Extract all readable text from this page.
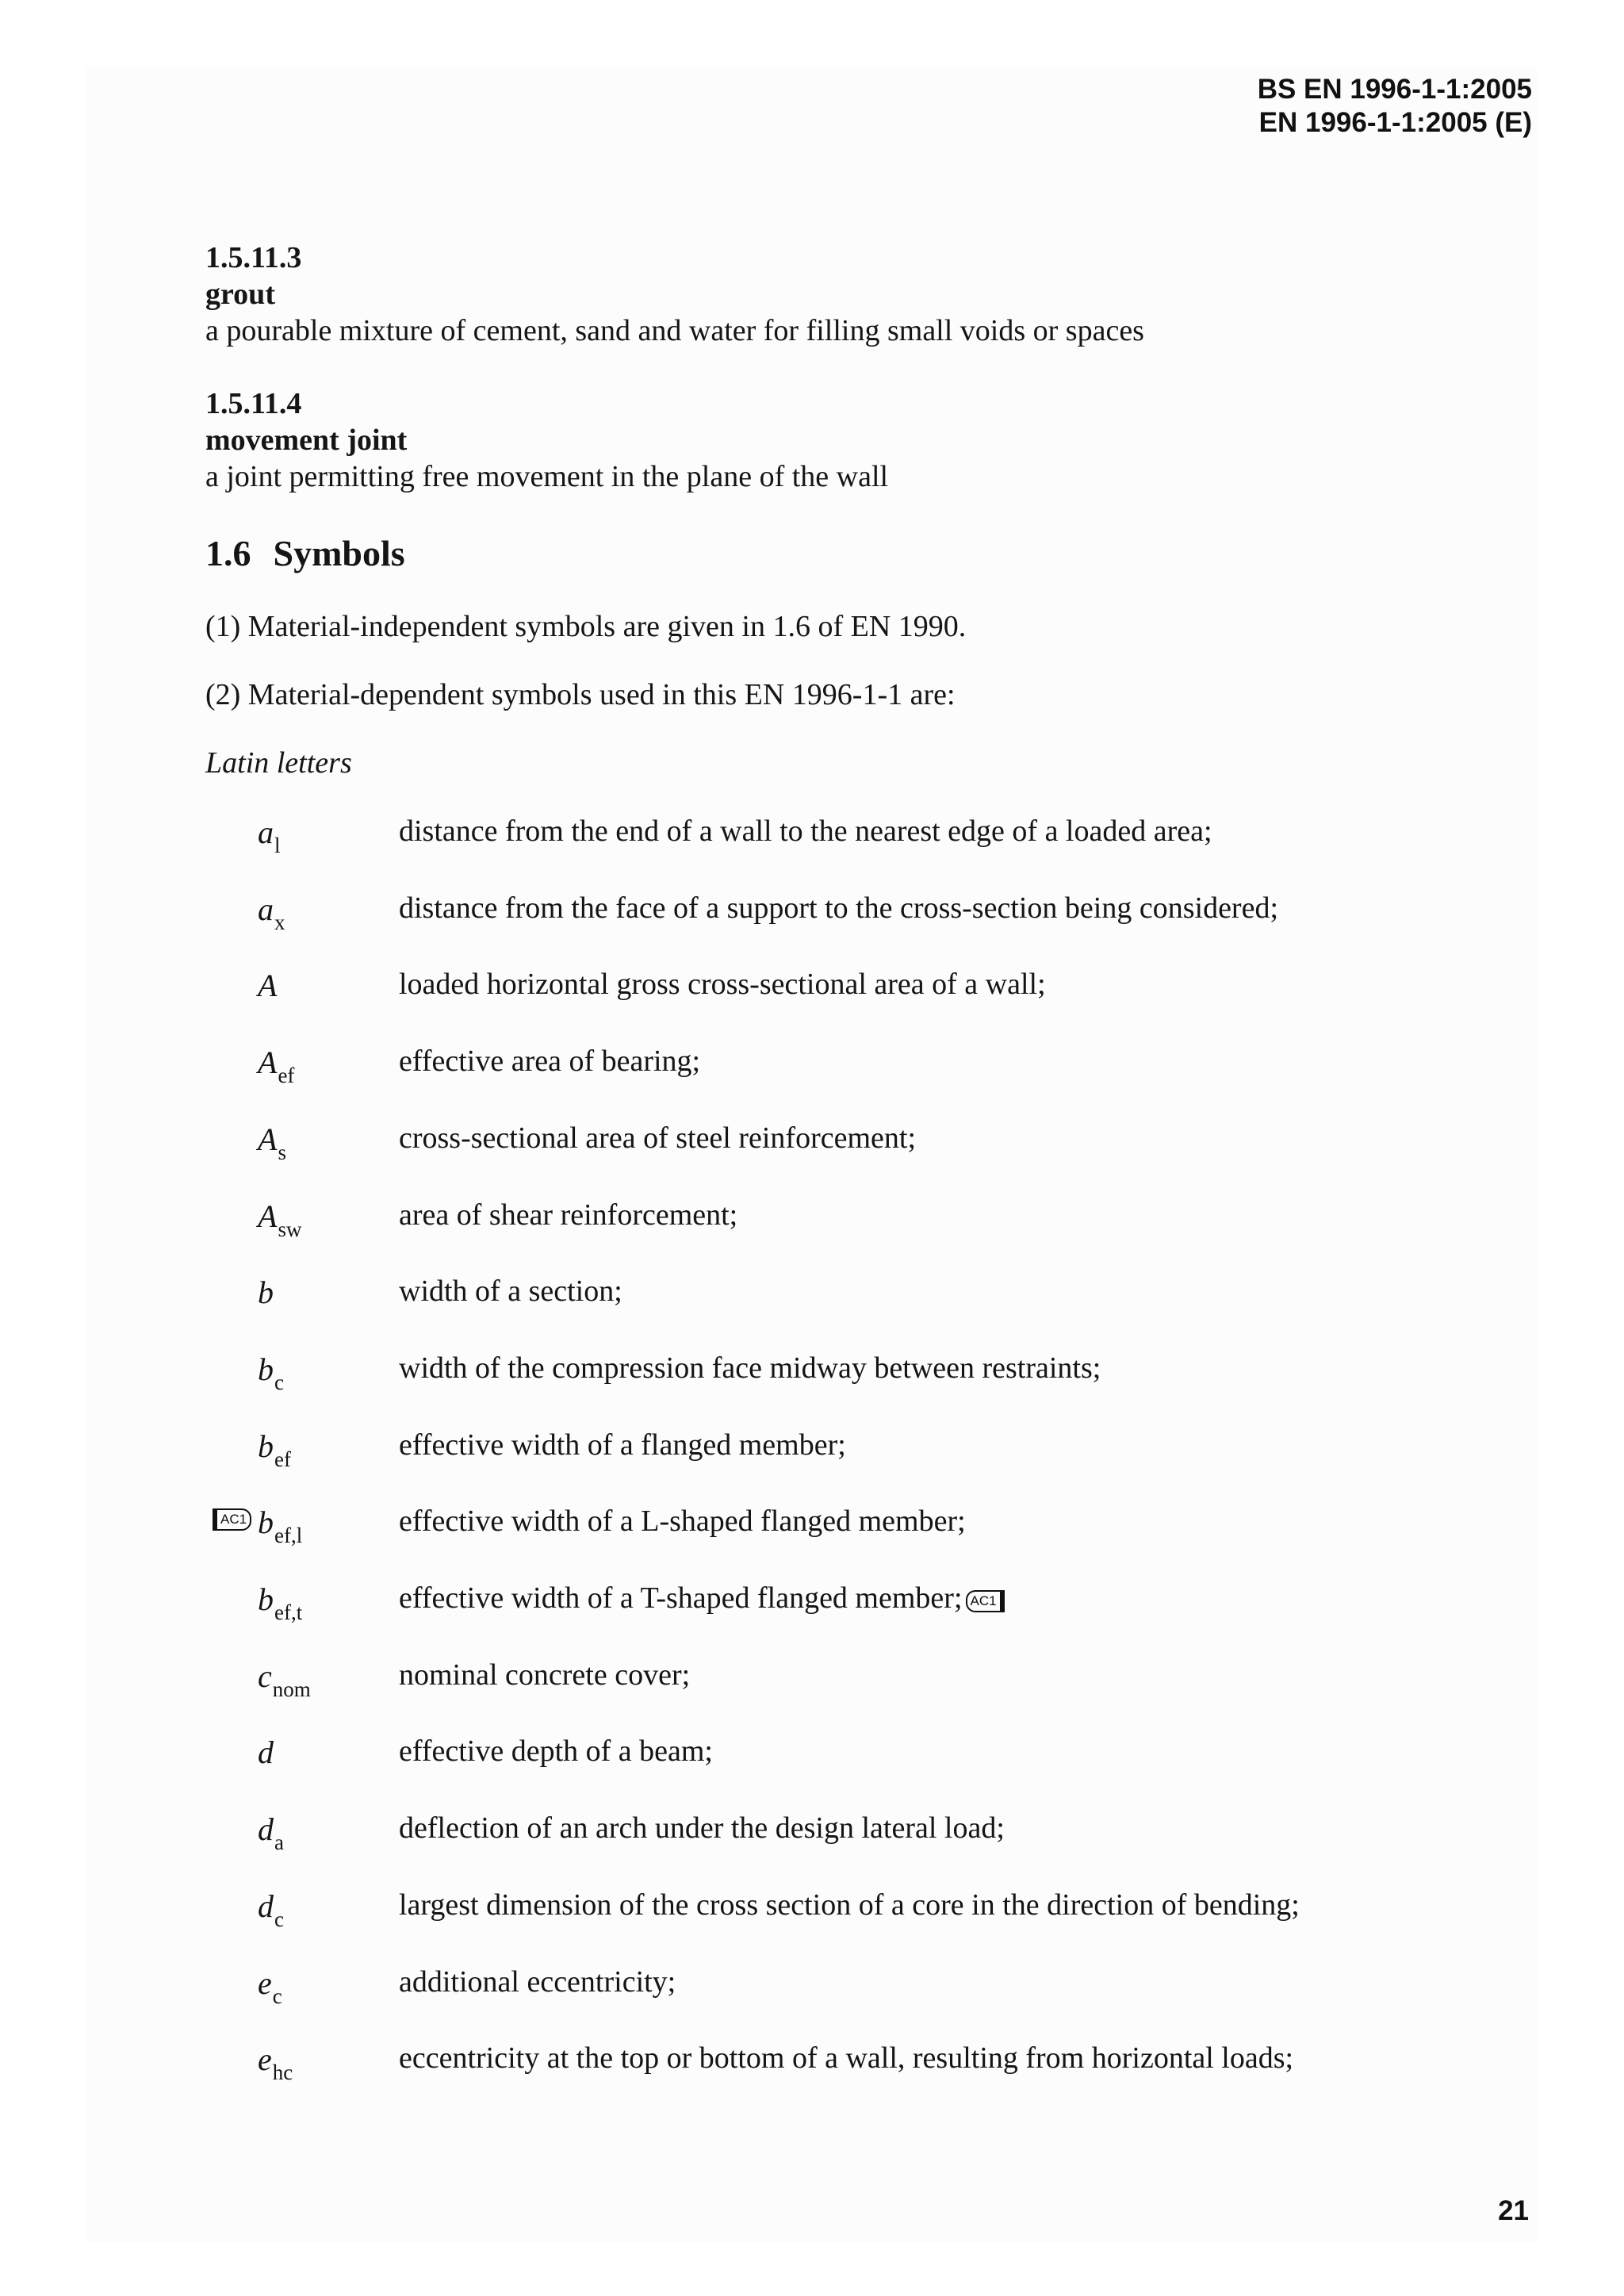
BS EN 1996-1-1:2005
EN 1996-1-1:2005 (E)
1.5.11.3
grout
a pourable mixture of cement, sand and water for filling small voids or spaces
1.5.11.4
movement joint
a joint permitting free movement in the plane of the wall
1.6 Symbols
(1) Material-independent symbols are given in 1.6 of EN 1990.
(2) Material-dependent symbols used in this EN 1996-1-1 are:
Latin letters
$a_l$	distance from the end of a wall to the nearest edge of a loaded area;
$a_x$	distance from the face of a support to the cross-section being considered;
A	loaded horizontal gross cross-sectional area of a wall;
$A_{ef}$	effective area of bearing;
$A_s$	cross-sectional area of steel reinforcement;
$A_{sw}$	area of shear reinforcement;
b	width of a section;
$b_c$	width of the compression face midway between restraints;
$b_{ef}$	effective width of a flanged member;
$b_{ef,l}$	effective width of a L-shaped flanged member;
AC1
$b_{ef,t}$	effective width of a T-shaped flanged member; AC1
$c_{nom}$	nominal concrete cover;
d	effective depth of a beam;
$d_a$	deflection of an arch under the design lateral load;
$d_c$	largest dimension of the cross section of a core in the direction of bending;
$e_c$	additional eccentricity;
$e_{hc}$	eccentricity at the top or bottom of a wall, resulting from horizontal loads;
21
